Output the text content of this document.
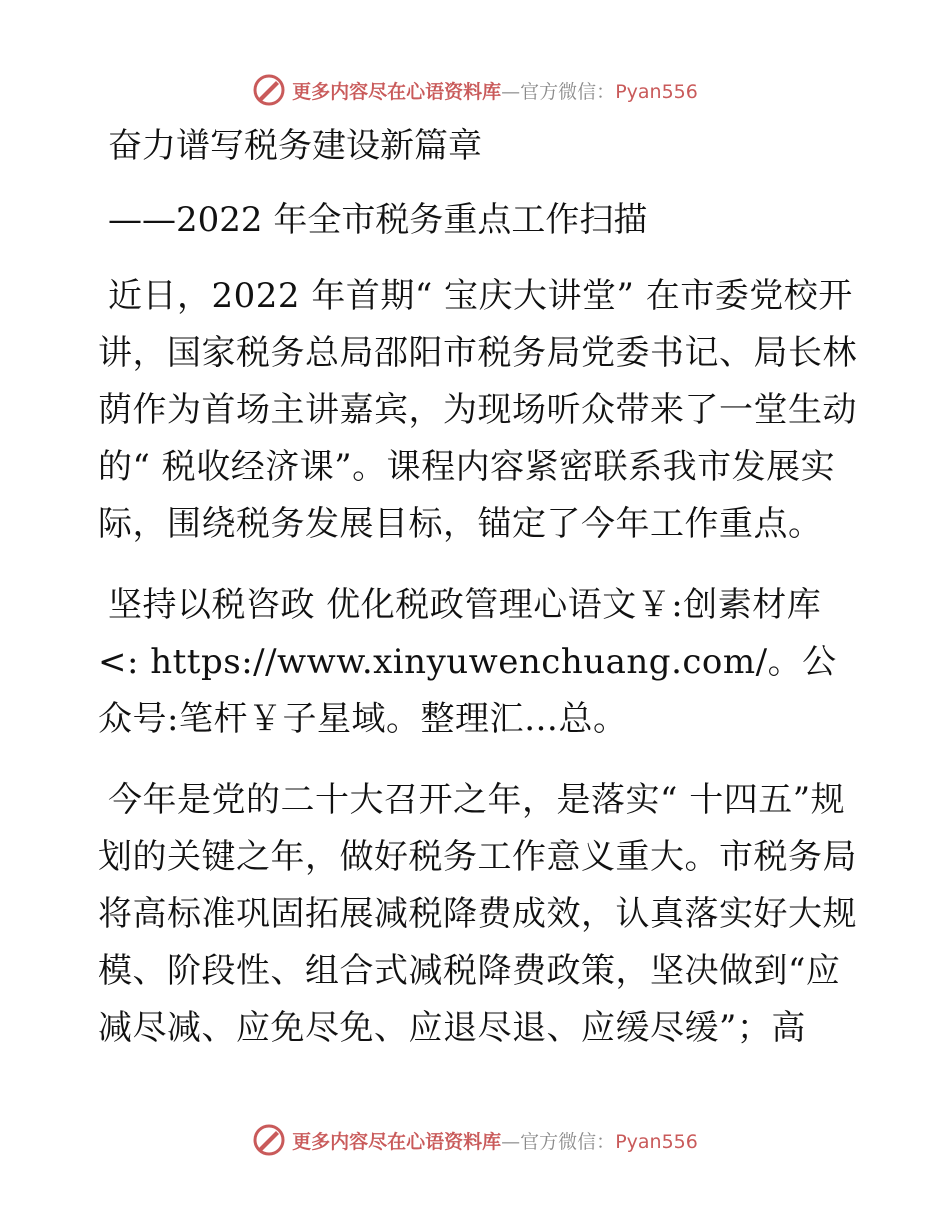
更多内容尽在心语资料库—官方微信：Pyan556

奋力谱写税务建设新篇章

——2022 年全市税务重点工作扫描

近日，2022 年首期“ 宝庆大讲堂” 在市委党校开讲，国家税务总局邵阳市税务局党委书记、局长林荫作为首场主讲嘉宾，为现场听众带来了一堂生动的“ 税收经济课”。课程内容紧密联系我市发展实际，围绕税务发展目标，锚定了今年工作重点。

坚持以税咨政 优化税政管理心语文￥:创素材库<: https://www.xinyuwenchuang.com/。公众号:笔杆￥子星域。整理汇…总。

今年是党的二十大召开之年，是落实“ 十四五”规划的关键之年，做好税务工作意义重大。市税务局将高标准巩固拓展减税降费成效，认真落实好大规模、阶段性、组合式减税降费政策，坚决做到“应减尽减、应免尽免、应退尽退、应缓尽缓”；高

更多内容尽在心语资料库—官方微信：Pyan556
